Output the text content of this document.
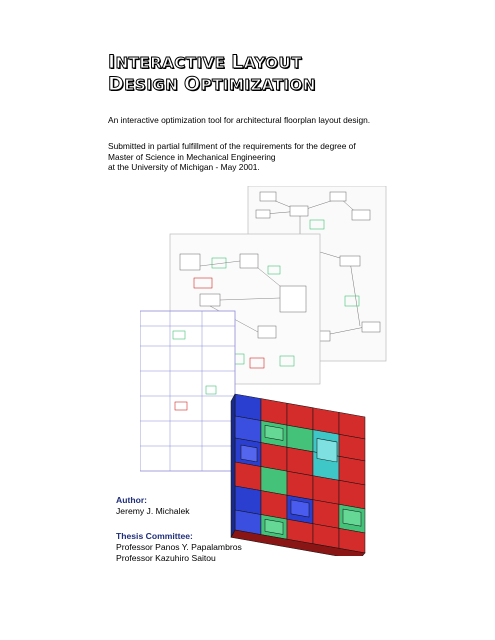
INTERACTIVE LAYOUT
DESIGN OPTIMIZATION

An interactive optimization tool for architectural floorplan layout design.

Submitted in partial fulfillment of the requirements for the degree of
Master of Science in Mechanical Engineering
at the University of Michigan - May 2001.

Author:
Jeremy J. Michalek
Thesis Committee:
Professor Panos Y. Papalambros
Professor Kazuhiro Saitou
